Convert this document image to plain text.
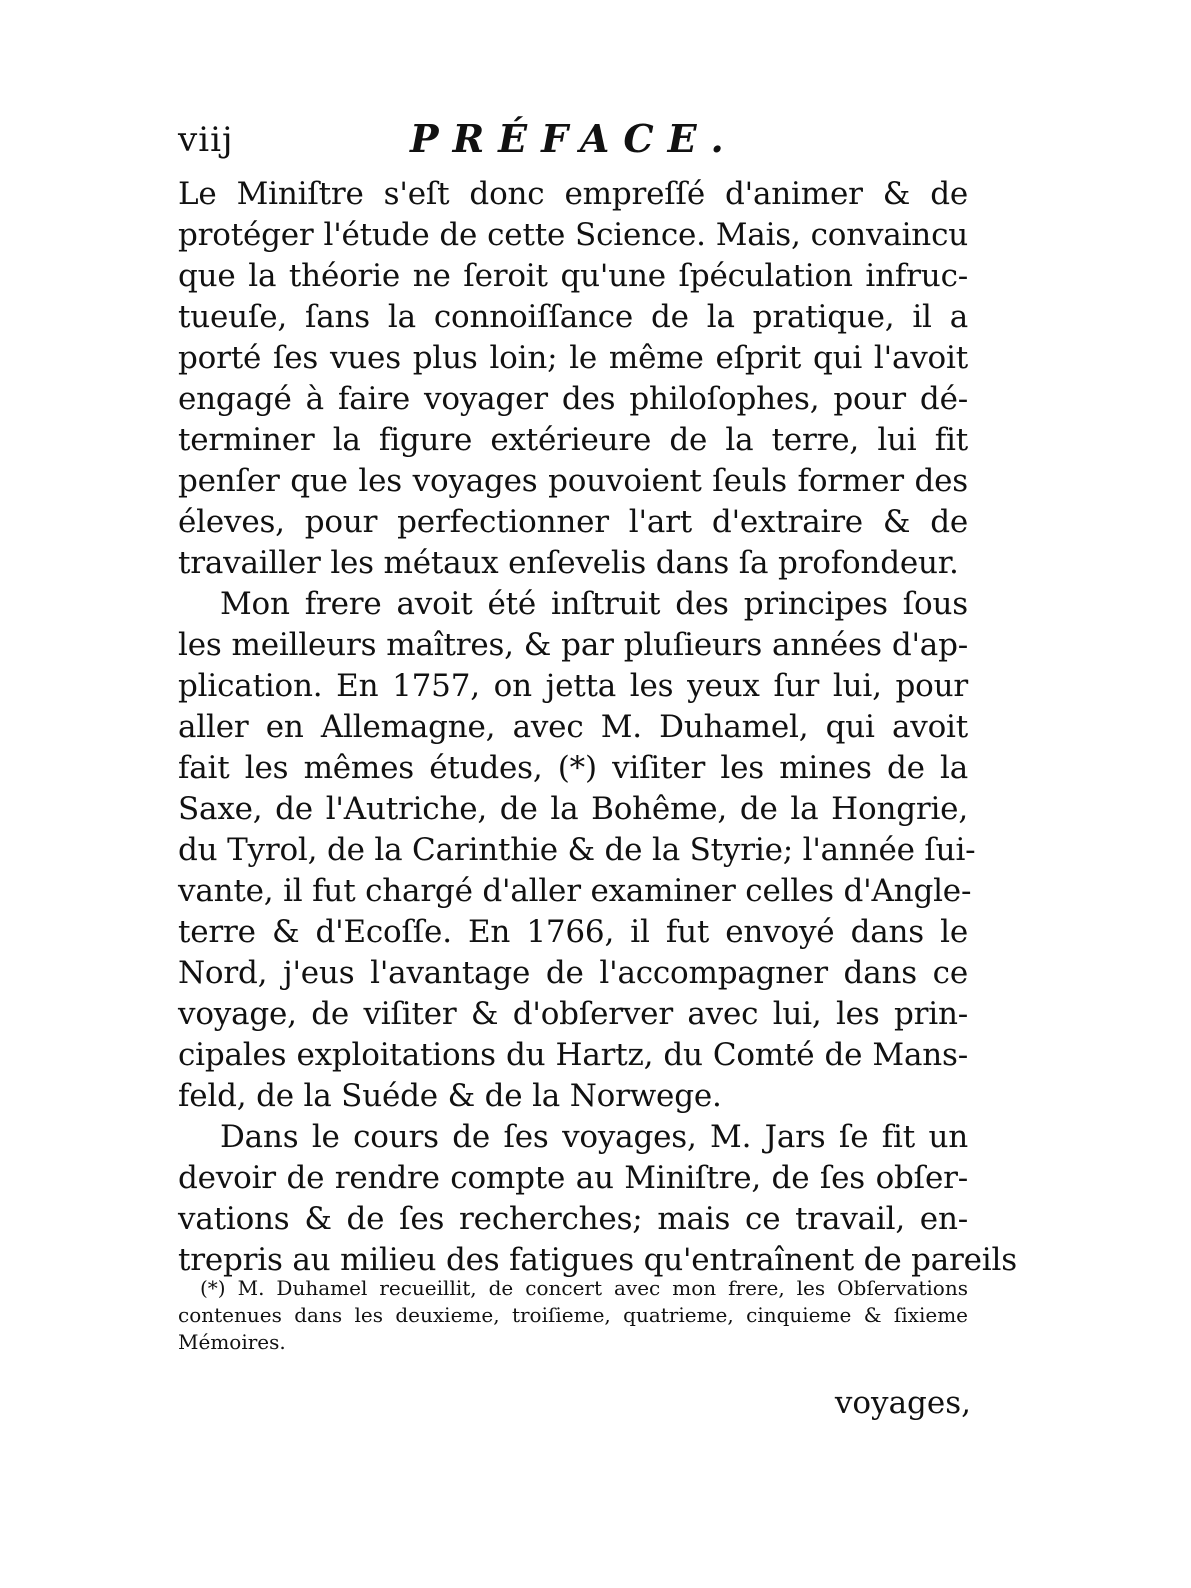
viij	PRÉFACE.
Le Miniſtre s'eſt donc empreſſé d'animer & de
protéger l'étude de cette Science. Mais, convaincu
que la théorie ne ſeroit qu'une ſpéculation infruc-
tueuſe, ſans la connoiſſance de la pratique, il a
porté ſes vues plus loin; le même eſprit qui l'avoit
engagé à faire voyager des philoſophes, pour dé-
terminer la figure extérieure de la terre, lui fit
penſer que les voyages pouvoient ſeuls former des
éleves, pour perfectionner l'art d'extraire & de
travailler les métaux enſevelis dans ſa profondeur.
Mon frere avoit été inſtruit des principes ſous
les meilleurs maîtres, & par pluſieurs années d'ap-
plication. En 1757, on jetta les yeux ſur lui, pour
aller en Allemagne, avec M. Duhamel, qui avoit
fait les mêmes études, (*) viſiter les mines de la
Saxe, de l'Autriche, de la Bohême, de la Hongrie,
du Tyrol, de la Carinthie & de la Styrie; l'année ſui-
vante, il fut chargé d'aller examiner celles d'Angle-
terre & d'Ecoſſe. En 1766, il fut envoyé dans le
Nord, j'eus l'avantage de l'accompagner dans ce
voyage, de viſiter & d'obſerver avec lui, les prin-
cipales exploitations du Hartz, du Comté de Mans-
feld, de la Suéde & de la Norwege.
Dans le cours de ſes voyages, M. Jars ſe fit un
devoir de rendre compte au Miniſtre, de ſes obſer-
vations & de ſes recherches; mais ce travail, en-
trepris au milieu des fatigues qu'entraînent de pareils
(*) M. Duhamel recueillit, de concert avec mon frere, les Obſervations
contenues dans les deuxieme, troiſieme, quatrieme, cinquieme & ſixieme
Mémoires.
voyages,
